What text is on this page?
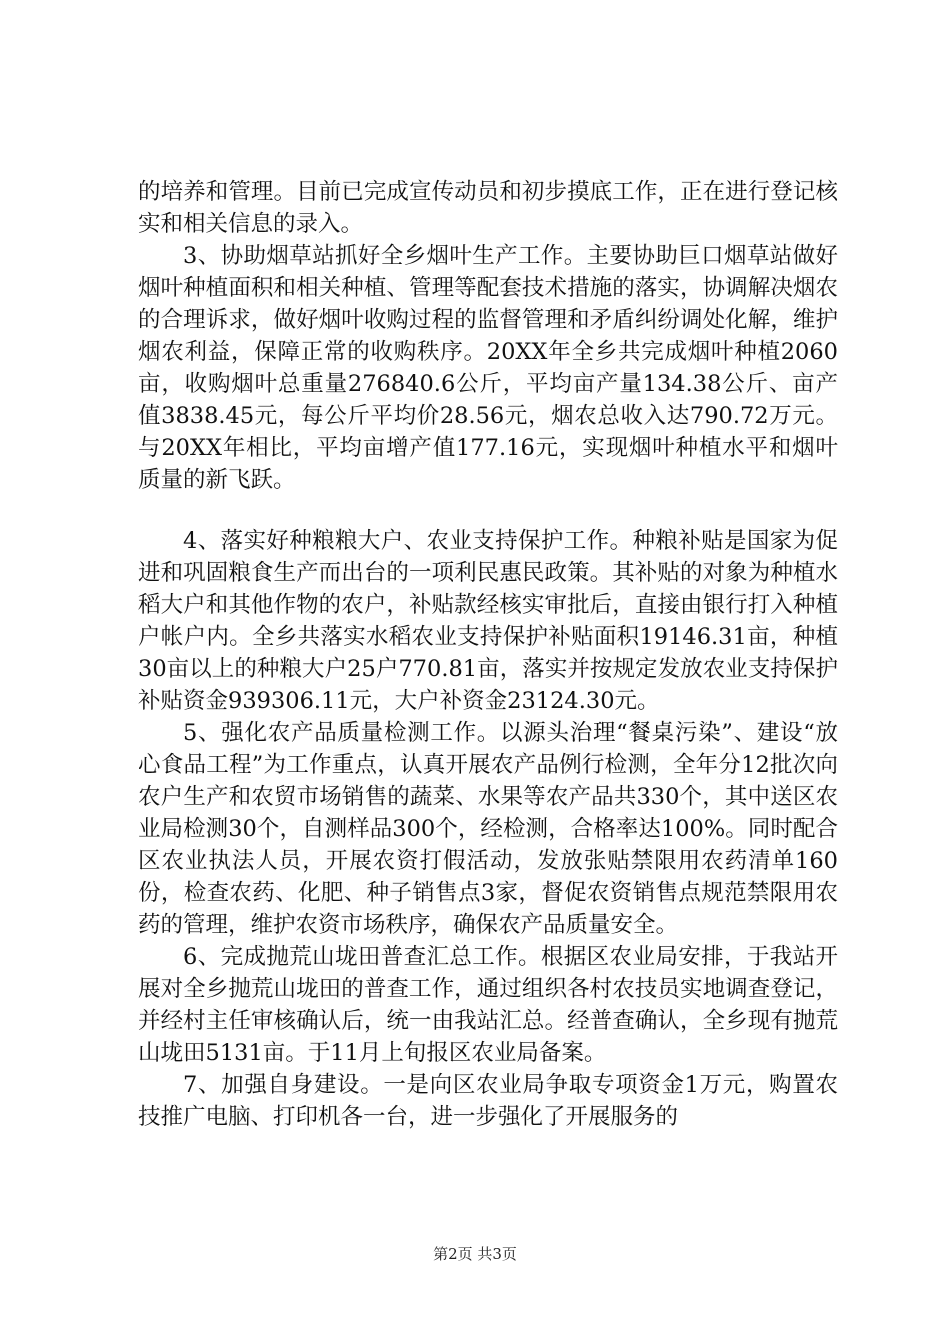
的培养和管理。目前已完成宣传动员和初步摸底工作，正在进行登记核实和相关信息的录入。

3、协助烟草站抓好全乡烟叶生产工作。主要协助巨口烟草站做好烟叶种植面积和相关种植、管理等配套技术措施的落实，协调解决烟农的合理诉求，做好烟叶收购过程的监督管理和矛盾纠纷调处化解，维护烟农利益，保障正常的收购秩序。20XX年全乡共完成烟叶种植2060亩，收购烟叶总重量276840.6公斤，平均亩产量134.38公斤、亩产值3838.45元，每公斤平均价28.56元，烟农总收入达790.72万元。与20XX年相比，平均亩增产值177.16元，实现烟叶种植水平和烟叶质量的新飞跃。

4、落实好种粮粮大户、农业支持保护工作。种粮补贴是国家为促进和巩固粮食生产而出台的一项利民惠民政策。其补贴的对象为种植水稻大户和其他作物的农户，补贴款经核实审批后，直接由银行打入种植户帐户内。全乡共落实水稻农业支持保护补贴面积19146.31亩，种植30亩以上的种粮大户25户770.81亩，落实并按规定发放农业支持保护补贴资金939306.11元，大户补资金23124.30元。

5、强化农产品质量检测工作。以源头治理“餐桌污染”、建设“放心食品工程”为工作重点，认真开展农产品例行检测，全年分12批次向农户生产和农贸市场销售的蔬菜、水果等农产品共330个，其中送区农业局检测30个，自测样品300个，经检测，合格率达100%。同时配合区农业执法人员，开展农资打假活动，发放张贴禁限用农药清单160份，检查农药、化肥、种子销售点3家，督促农资销售点规范禁限用农药的管理，维护农资市场秩序，确保农产品质量安全。

6、完成抛荒山垅田普查汇总工作。根据区农业局安排，于我站开展对全乡抛荒山垅田的普查工作，通过组织各村农技员实地调查登记，并经村主任审核确认后，统一由我站汇总。经普查确认，全乡现有抛荒山垅田5131亩。于11月上旬报区农业局备案。

7、加强自身建设。一是向区农业局争取专项资金1万元，购置农技推广电脑、打印机各一台，进一步强化了开展服务的

第2页 共3页
